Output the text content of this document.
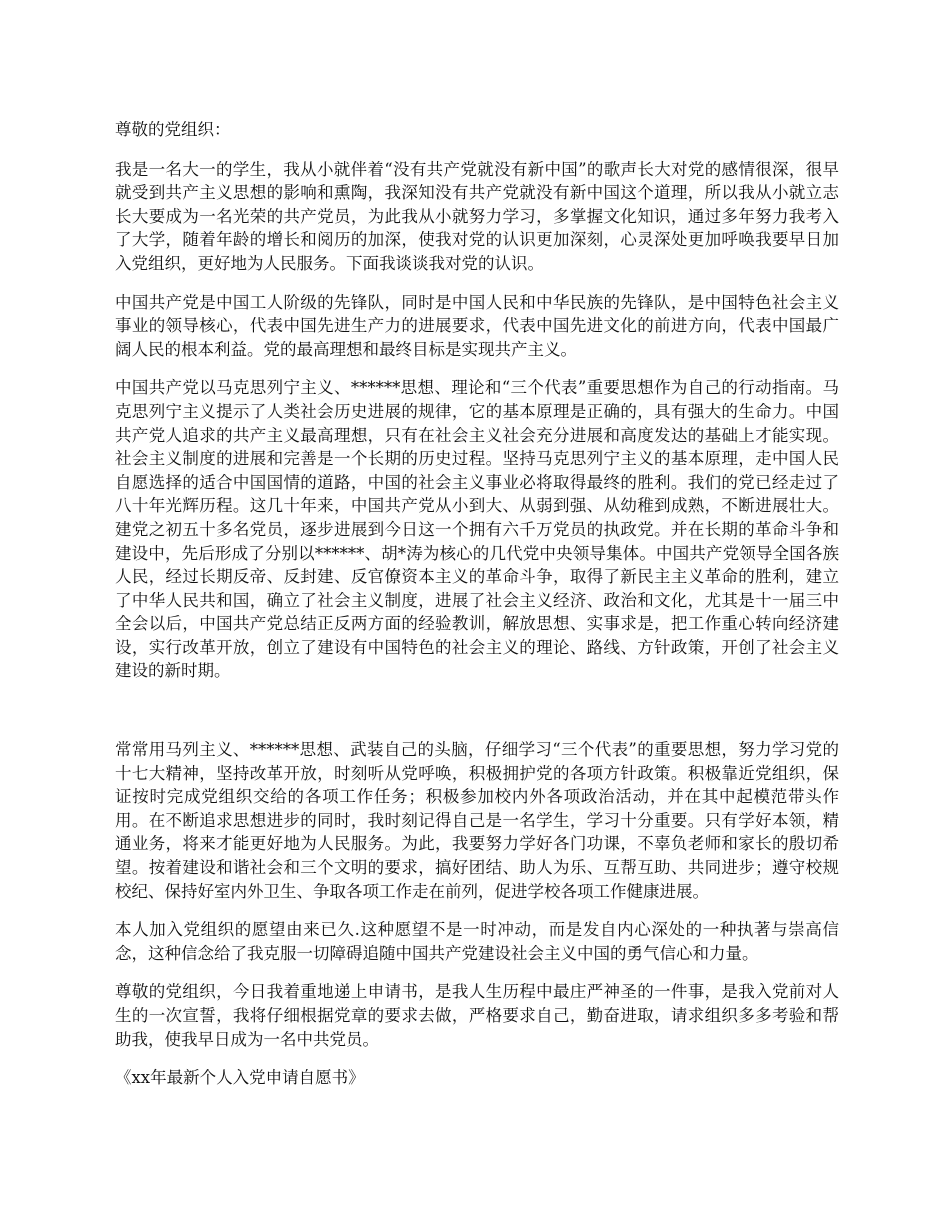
尊敬的党组织：

我是一名大一的学生，我从小就伴着“没有共产党就没有新中国”的歌声长大对党的感情很深，很早就受到共产主义思想的影响和熏陶，我深知没有共产党就没有新中国这个道理，所以我从小就立志长大要成为一名光荣的共产党员，为此我从小就努力学习，多掌握文化知识，通过多年努力我考入了大学，随着年龄的增长和阅历的加深，使我对党的认识更加深刻，心灵深处更加呼唤我要早日加入党组织，更好地为人民服务。下面我谈谈我对党的认识。

中国共产党是中国工人阶级的先锋队，同时是中国人民和中华民族的先锋队，是中国特色社会主义事业的领导核心，代表中国先进生产力的进展要求，代表中国先进文化的前进方向，代表中国最广阔人民的根本利益。党的最高理想和最终目标是实现共产主义。

中国共产党以马克思列宁主义、******思想、理论和“三个代表”重要思想作为自己的行动指南。马克思列宁主义提示了人类社会历史进展的规律，它的基本原理是正确的，具有强大的生命力。中国共产党人追求的共产主义最高理想，只有在社会主义社会充分进展和高度发达的基础上才能实现。社会主义制度的进展和完善是一个长期的历史过程。坚持马克思列宁主义的基本原理，走中国人民自愿选择的适合中国国情的道路，中国的社会主义事业必将取得最终的胜利。我们的党已经走过了八十年光辉历程。这几十年来，中国共产党从小到大、从弱到强、从幼稚到成熟，不断进展壮大。建党之初五十多名党员，逐步进展到今日这一个拥有六千万党员的执政党。并在长期的革命斗争和建设中，先后形成了分别以******、胡*涛为核心的几代党中央领导集体。中国共产党领导全国各族人民，经过长期反帝、反封建、反官僚资本主义的革命斗争，取得了新民主主义革命的胜利，建立了中华人民共和国，确立了社会主义制度，进展了社会主义经济、政治和文化，尤其是十一届三中全会以后，中国共产党总结正反两方面的经验教训，解放思想、实事求是，把工作重心转向经济建设，实行改革开放，创立了建设有中国特色的社会主义的理论、路线、方针政策，开创了社会主义建设的新时期。

常常用马列主义、******思想、武装自己的头脑，仔细学习“三个代表”的重要思想，努力学习党的十七大精神，坚持改革开放，时刻听从党呼唤，积极拥护党的各项方针政策。积极靠近党组织，保证按时完成党组织交给的各项工作任务；积极参加校内外各项政治活动，并在其中起模范带头作用。在不断追求思想进步的同时，我时刻记得自己是一名学生，学习十分重要。只有学好本领，精通业务，将来才能更好地为人民服务。为此，我要努力学好各门功课，不辜负老师和家长的殷切希望。按着建设和谐社会和三个文明的要求，搞好团结、助人为乐、互帮互助、共同进步；遵守校规校纪、保持好室内外卫生、争取各项工作走在前列，促进学校各项工作健康进展。

本人加入党组织的愿望由来已久.这种愿望不是一时冲动，而是发自内心深处的一种执著与崇高信念，这种信念给了我克服一切障碍追随中国共产党建设社会主义中国的勇气信心和力量。

尊敬的党组织，今日我着重地递上申请书，是我人生历程中最庄严神圣的一件事，是我入党前对人生的一次宣誓，我将仔细根据党章的要求去做，严格要求自己，勤奋进取，请求组织多多考验和帮助我，使我早日成为一名中共党员。

《xx年最新个人入党申请自愿书》
